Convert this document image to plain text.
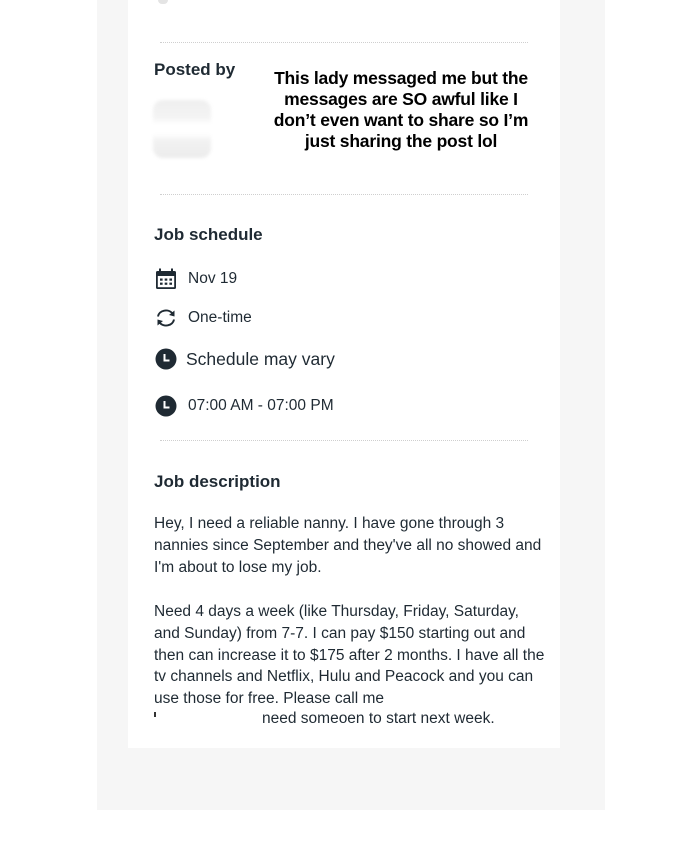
Posted by This lady messaged me but the messages are SO awful like I don’t even want to share so I’m just sharing the post lol
Job schedule
Nov 19
One-time
Schedule may vary
07:00 AM - 07:00 PM
Job description
Hey, I need a reliable nanny. I have gone through 3 nannies since September and they've all no showed and I'm about to lose my job.
Need 4 days a week (like Thursday, Friday, Saturday, and Sunday) from 7-7. I can pay $150 starting out and then can increase it to $175 after 2 months. I have all the tv channels and Netflix, Hulu and Peacock and you can use those for free. Please call me
need someoen to start next week.
